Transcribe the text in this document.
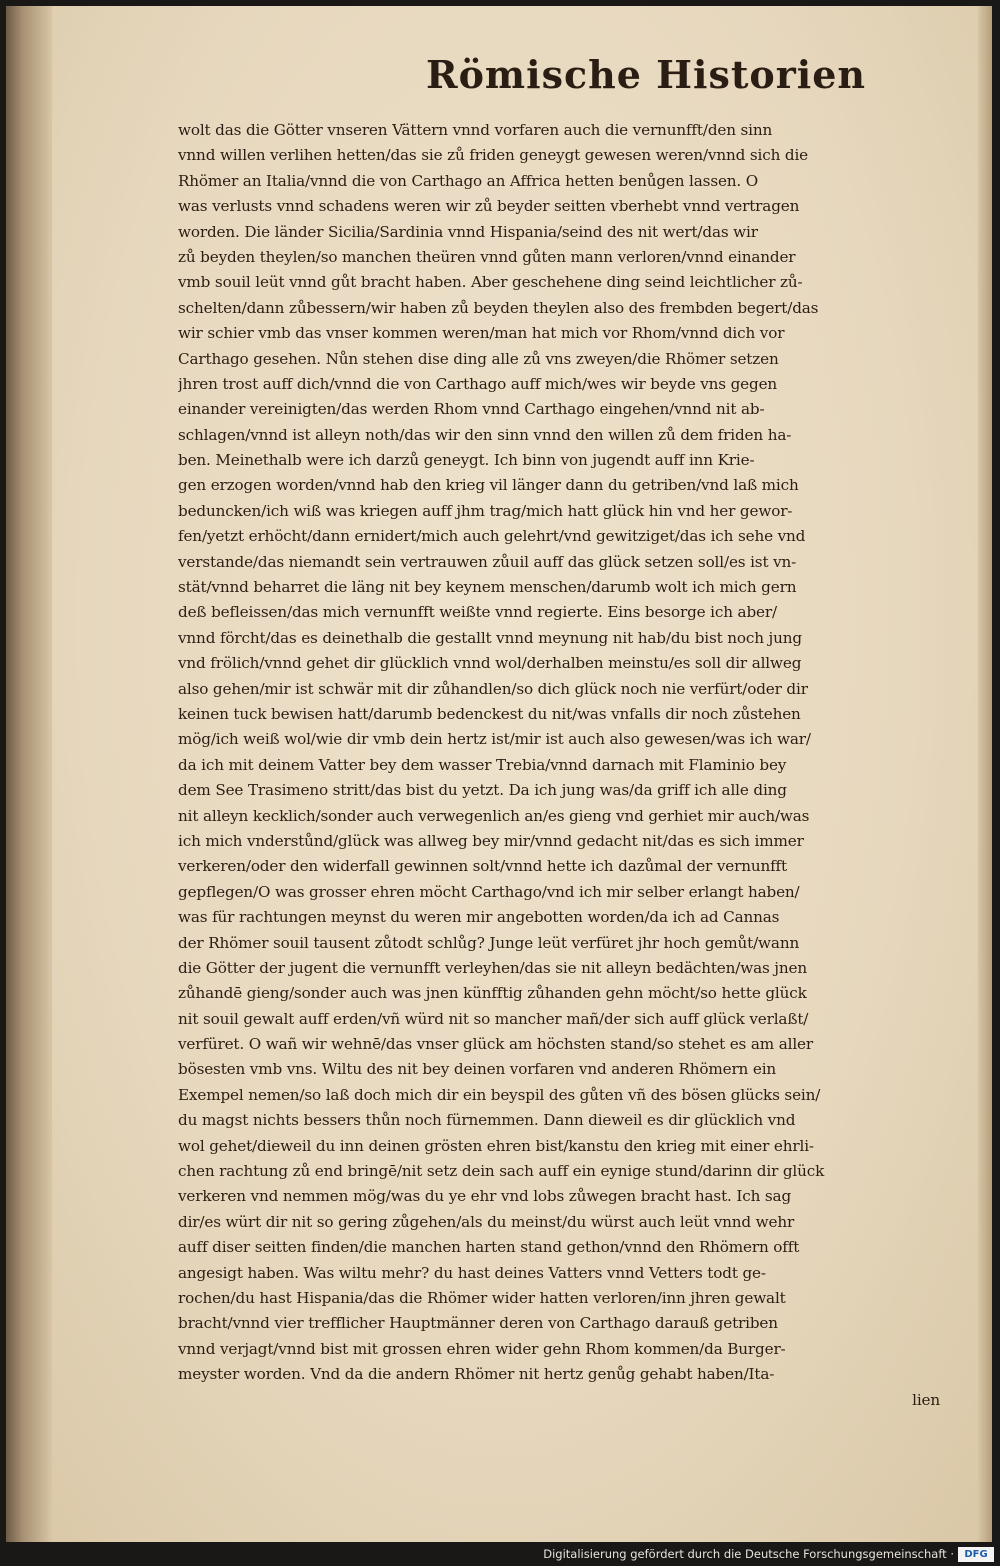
Römische Historien
wolt das die Götter vnseren Vättern vnnd vorfaren auch die vernunfft/den sinn
vnnd willen verlihen hetten/das sie zů friden geneygt gewesen weren/vnnd sich die
Rhömer an Italia/vnnd die von Carthago an Affrica hetten benůgen lassen. O
was verlusts vnnd schadens weren wir zů beyder seitten vberhebt vnnd vertragen
worden. Die länder Sicilia/Sardinia vnnd Hispania/seind des nit wert/das wir
zů beyden theylen/so manchen theüren vnnd gůten mann verloren/vnnd einander
vmb souil leüt vnnd gůt bracht haben. Aber geschehene ding seind leichtlicher zů-
schelten/dann zůbessern/wir haben zů beyden theylen also des frembden begert/das
wir schier vmb das vnser kommen weren/man hat mich vor Rhom/vnnd dich vor
Carthago gesehen. Nůn stehen dise ding alle zů vns zweyen/die Rhömer setzen
jhren trost auff dich/vnnd die von Carthago auff mich/wes wir beyde vns gegen
einander vereinigten/das werden Rhom vnnd Carthago eingehen/vnnd nit ab-
schlagen/vnnd ist alleyn noth/das wir den sinn vnnd den willen zů dem friden ha-
ben. Meinethalb were ich darzů geneygt. Ich binn von jugendt auff inn Krie-
gen erzogen worden/vnnd hab den krieg vil länger dann du getriben/vnd laß mich
beduncken/ich wiß was kriegen auff jhm trag/mich hatt glück hin vnd her gewor-
fen/yetzt erhöcht/dann ernidert/mich auch gelehrt/vnd gewitziget/das ich sehe vnd
verstande/das niemandt sein vertrauwen zůuil auff das glück setzen soll/es ist vn-
stät/vnnd beharret die läng nit bey keynem menschen/darumb wolt ich mich gern
deß befleissen/das mich vernunfft weißte vnnd regierte. Eins besorge ich aber/
vnnd förcht/das es deinethalb die gestallt vnnd meynung nit hab/du bist noch jung
vnd frölich/vnnd gehet dir glücklich vnnd wol/derhalben meinstu/es soll dir allweg
also gehen/mir ist schwär mit dir zůhandlen/so dich glück noch nie verfürt/oder dir
keinen tuck bewisen hatt/darumb bedenckest du nit/was vnfalls dir noch zůstehen
mög/ich weiß wol/wie dir vmb dein hertz ist/mir ist auch also gewesen/was ich war/
da ich mit deinem Vatter bey dem wasser Trebia/vnnd darnach mit Flaminio bey
dem See Trasimeno stritt/das bist du yetzt. Da ich jung was/da griff ich alle ding
nit alleyn kecklich/sonder auch verwegenlich an/es gieng vnd gerhiet mir auch/was
ich mich vnderstůnd/glück was allweg bey mir/vnnd gedacht nit/das es sich immer
verkeren/oder den widerfall gewinnen solt/vnnd hette ich dazůmal der vernunfft
gepflegen/O was grosser ehren möcht Carthago/vnd ich mir selber erlangt haben/
was für rachtungen meynst du weren mir angebotten worden/da ich ad Cannas
der Rhömer souil tausent zůtodt schlůg? Junge leüt verfüret jhr hoch gemůt/wann
die Götter der jugent die vernunfft verleyhen/das sie nit alleyn bedächten/was jnen
zůhandē gieng/sonder auch was jnen künfftig zůhanden gehn möcht/so hette glück
nit souil gewalt auff erden/vñ würd nit so mancher mañ/der sich auff glück verlaßt/
verfüret. O wañ wir wehnē/das vnser glück am höchsten stand/so stehet es am aller
bösesten vmb vns. Wiltu des nit bey deinen vorfaren vnd anderen Rhömern ein
Exempel nemen/so laß doch mich dir ein beyspil des gůten vñ des bösen glücks sein/
du magst nichts bessers thůn noch fürnemmen. Dann dieweil es dir glücklich vnd
wol gehet/dieweil du inn deinen grösten ehren bist/kanstu den krieg mit einer ehrli-
chen rachtung zů end bringē/nit setz dein sach auff ein eynige stund/darinn dir glück
verkeren vnd nemmen mög/was du ye ehr vnd lobs zůwegen bracht hast. Ich sag
dir/es würt dir nit so gering zůgehen/als du meinst/du würst auch leüt vnnd wehr
auff diser seitten finden/die manchen harten stand gethon/vnnd den Rhömern offt
angesigt haben. Was wiltu mehr? du hast deines Vatters vnnd Vetters todt ge-
rochen/du hast Hispania/das die Rhömer wider hatten verloren/inn jhren gewalt
bracht/vnnd vier trefflicher Hauptmänner deren von Carthago darauß getriben
vnnd verjagt/vnnd bist mit grossen ehren wider gehn Rhom kommen/da Burger-
meyster worden. Vnd da die andern Rhömer nit hertz genůg gehabt haben/Ita-
lien
Digitalisierung gefördert durch die Deutsche Forschungsgemeinschaft ·	DFG
